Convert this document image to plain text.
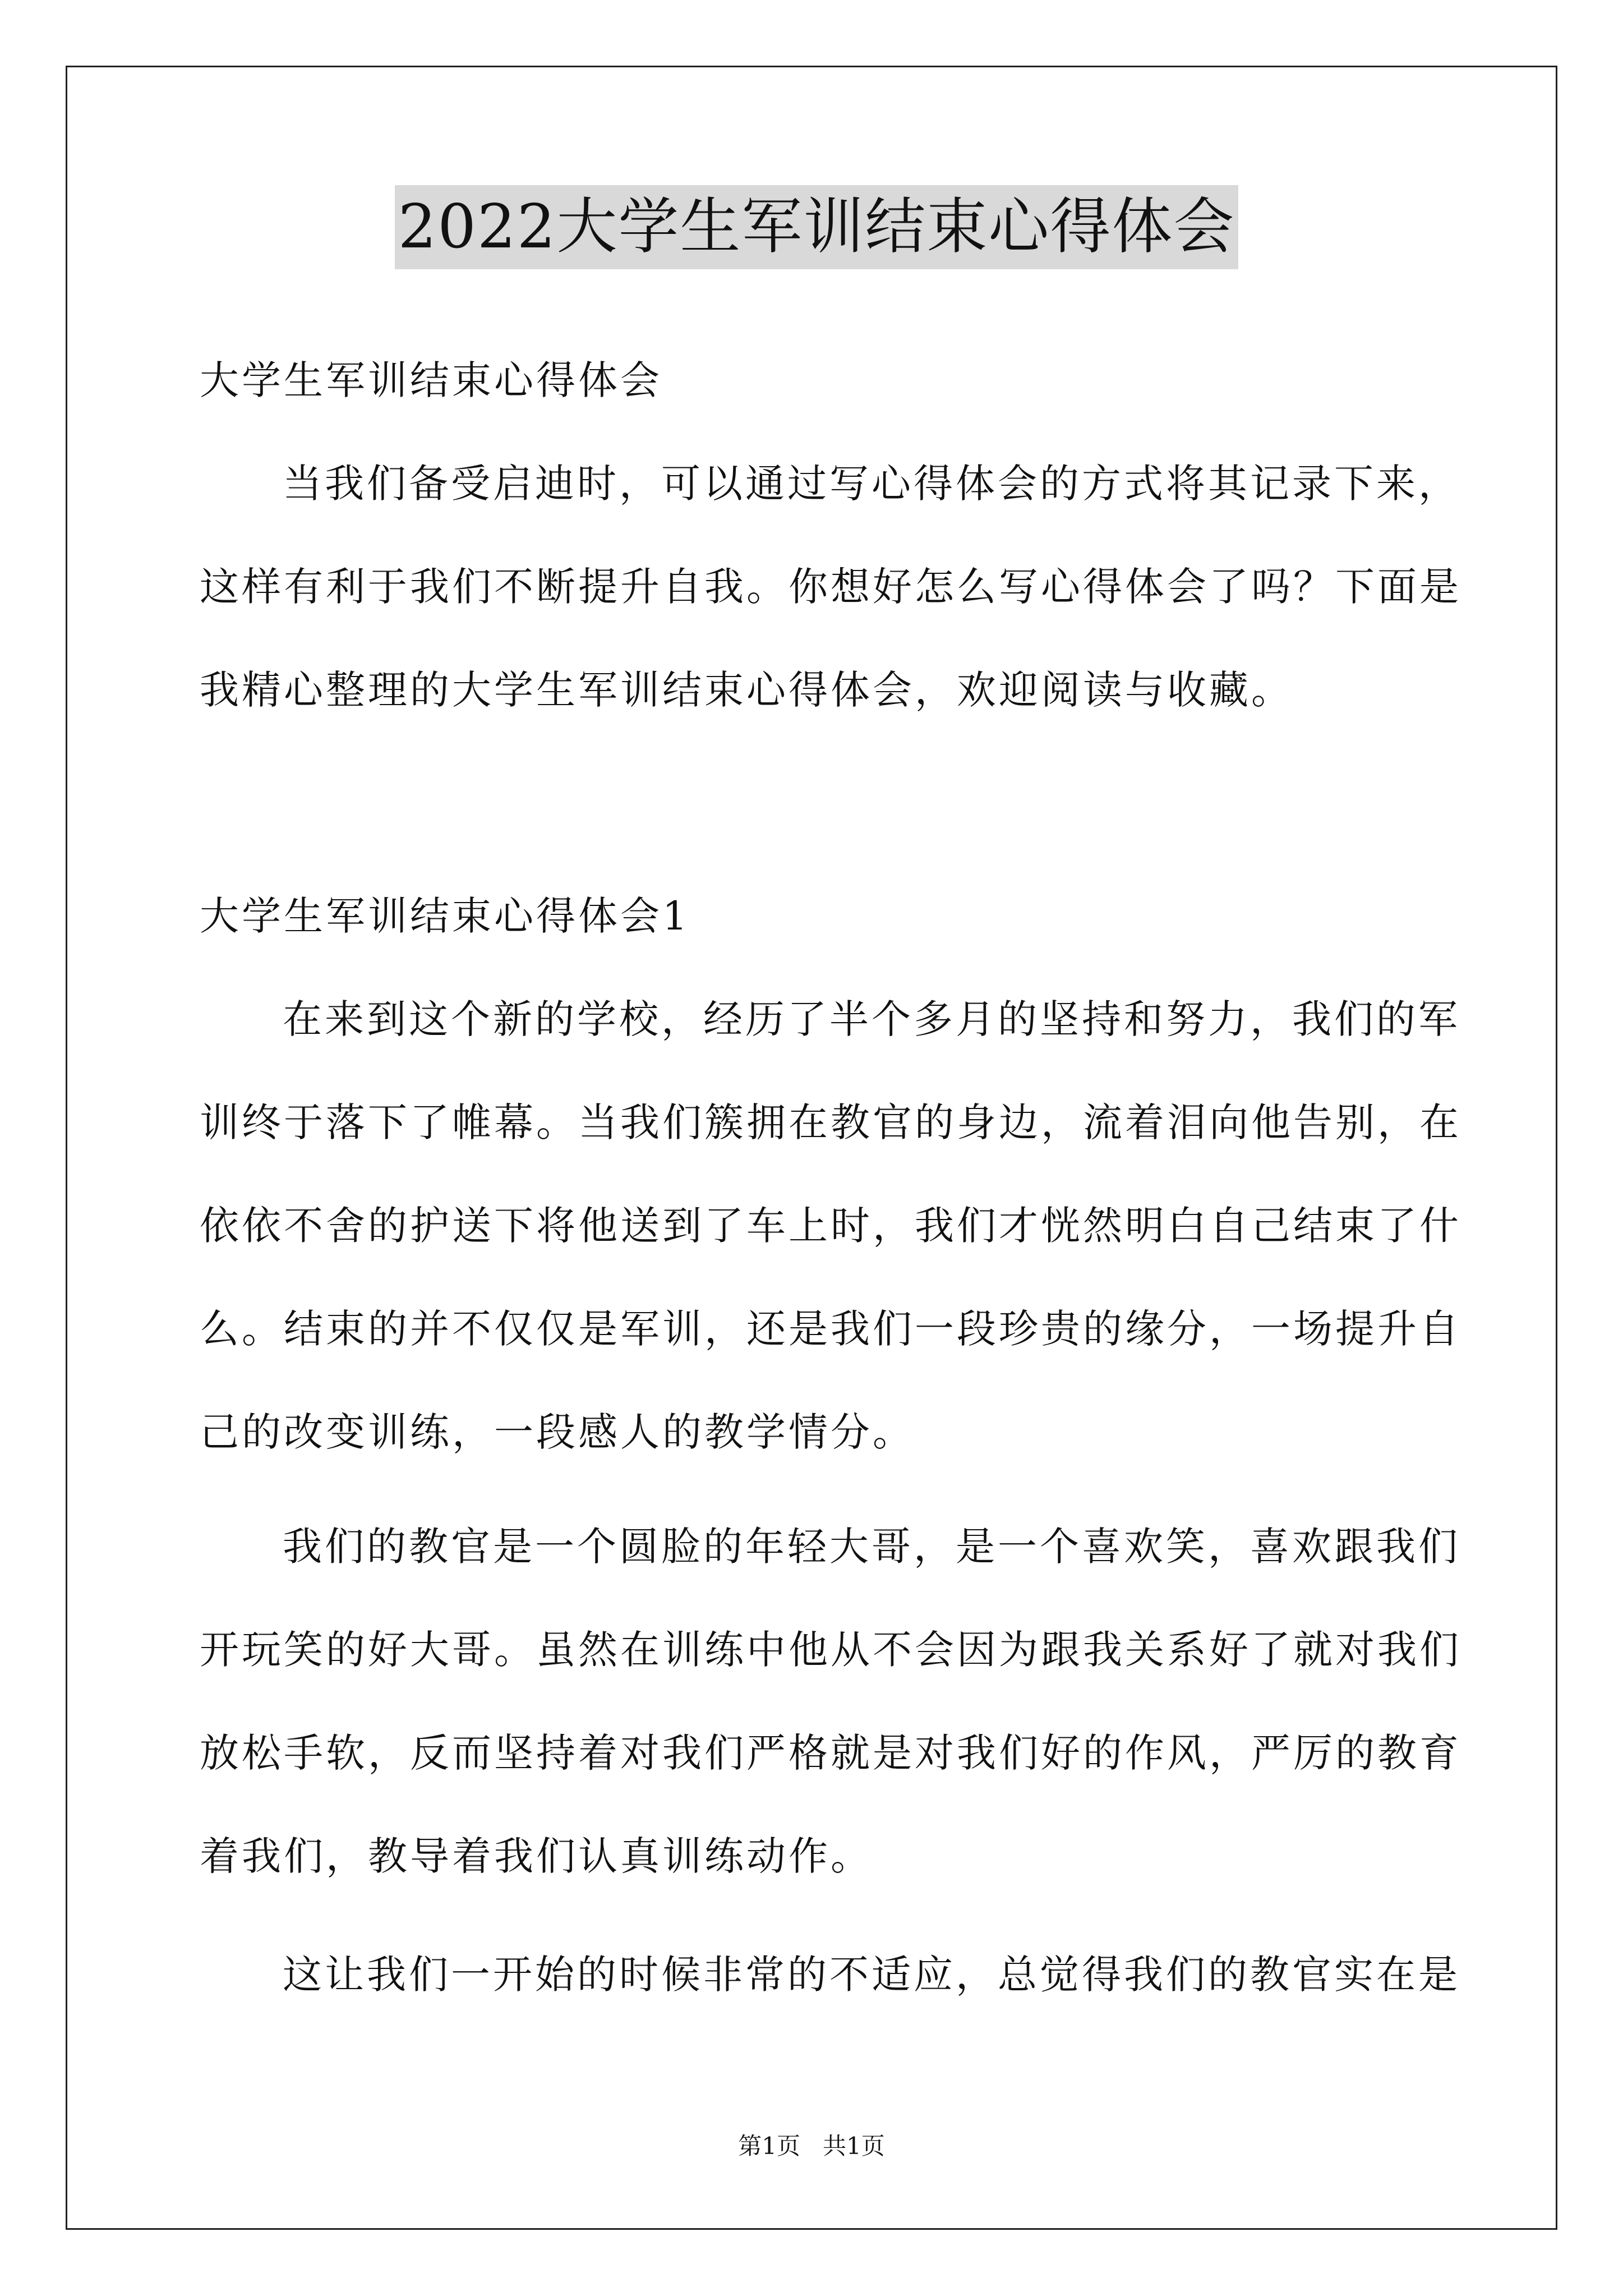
2022大学生军训结束心得体会
大学生军训结束心得体会
当我们备受启迪时，可以通过写心得体会的方式将其记录下来，
这样有利于我们不断提升自我。你想好怎么写心得体会了吗？下面是
我精心整理的大学生军训结束心得体会，欢迎阅读与收藏。
大学生军训结束心得体会1
在来到这个新的学校，经历了半个多月的坚持和努力，我们的军
训终于落下了帷幕。当我们簇拥在教官的身边，流着泪向他告别，在
依依不舍的护送下将他送到了车上时，我们才恍然明白自己结束了什
么。结束的并不仅仅是军训，还是我们一段珍贵的缘分，一场提升自
己的改变训练，一段感人的教学情分。
我们的教官是一个圆脸的年轻大哥，是一个喜欢笑，喜欢跟我们
开玩笑的好大哥。虽然在训练中他从不会因为跟我关系好了就对我们
放松手软，反而坚持着对我们严格就是对我们好的作风，严厉的教育
着我们，教导着我们认真训练动作。
这让我们一开始的时候非常的不适应，总觉得我们的教官实在是
第1页   共1页
